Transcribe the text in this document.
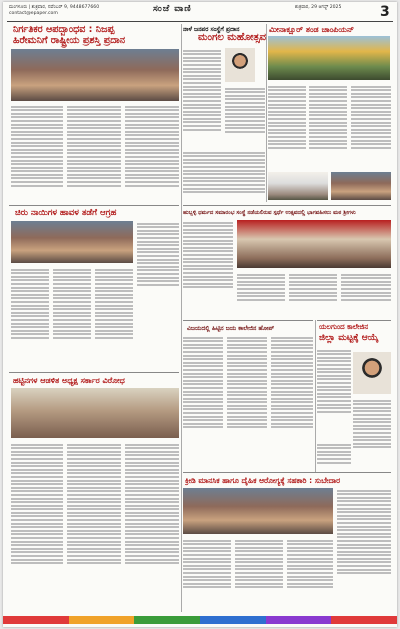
ಮಂಗಳೂರು | ಶುಕ್ರವಾರ, ನವೆಂಬರ್ 9, 9448677660
contact@epaper.com	ಸಂಜೆ ವಾಣಿ	ಶುಕ್ರವಾರ, 29 ಆಗಸ್ಟ್ 2025	3
ನಿರ್ಗತಿಕರ ಆಪದ್ಬಾಂಧವ : ನಿಜಪ್ಪ
ಹಿರೇಮನಿಗೆ ರಾಷ್ಟ್ರೀಯ ಪ್ರಶಸ್ತಿ ಪ್ರದಾನ
ನಾಳೆ ಜನಪರ ಸಂಸ್ಥೆಗೆ ಪ್ರದಾನ
ಮಂಗಲ ಮಹೋತ್ಸವ
ಮೀನಾಕ್ಷೂರ್ ತಂಡ ಚಾಂಪಿಯನ್
ಚಿರು ನಾಯಿಗಳ ಹಾವಳ ತಡೆಗೆ ಆಗ್ರಹ	ಹುಬ್ಬಳ್ಳಿ ಧರ್ಮದ ಸಮಾರಂಭ ಸಂಸ್ಥೆ ನಡೆಯಲಿರುವ ಸ್ಪರ್ಧೆ ಉತ್ಸವದಲ್ಲಿ ಭಾಗವಹಿಸಲು ಮಠ ಶ್ರೀಗಳು
ಹಟ್ಟಿನಗಳ ಆಡಳಿತ ಅಧ್ಯಕ್ಷ ಸರ್ಕಾರ ವಿರೋಧ
ವಿಜಯದಲ್ಲಿ ಹಿಟ್ಟಿನ ಜಯ ಕಾಲೇಜಿನ ಹೋಪ್	ಯಲಗುಂದ ಕಾಲೇಜಿನ
ಜಿಲ್ಲಾ ಮಟ್ಟಕ್ಕೆ ಆಯ್ಕೆ
ಕ್ರೀಡಿ ಮಾನಸಿಕ ಹಾಗೂ ದೈಹಿಕ ಆರೋಗ್ಯಕ್ಕೆ ಸಹಕಾರಿ : ಸುಬೇದಾರ
